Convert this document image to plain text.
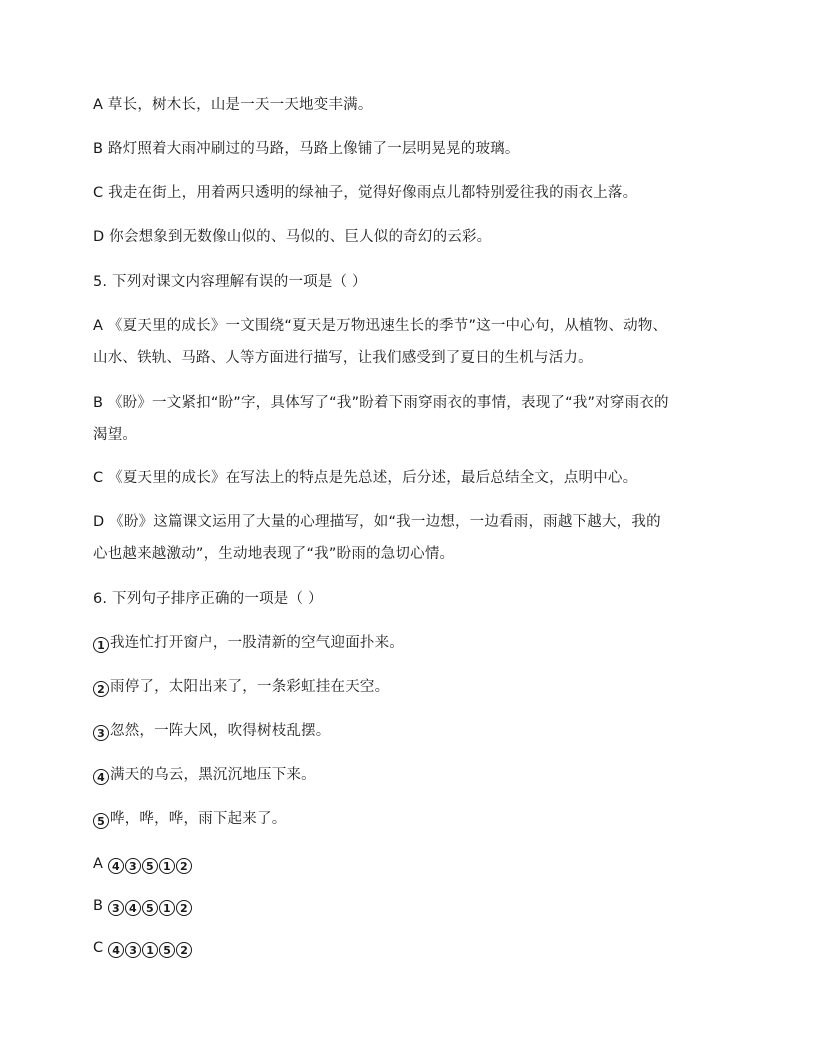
A 草长，树木长，山是一天一天地变丰满。
B 路灯照着大雨冲刷过的马路，马路上像铺了一层明晃晃的玻璃。
C 我走在街上，用着两只透明的绿袖子，觉得好像雨点儿都特别爱往我的雨衣上落。
D 你会想象到无数像山似的、马似的、巨人似的奇幻的云彩。
5. 下列对课文内容理解有误的一项是（ ）
A 《夏天里的成长》一文围绕“夏天是万物迅速生长的季节”这一中心句，从植物、动物、
山水、铁轨、马路、人等方面进行描写，让我们感受到了夏日的生机与活力。
B 《盼》一文紧扣“盼”字，具体写了“我”盼着下雨穿雨衣的事情，表现了“我”对穿雨衣的
渴望。
C 《夏天里的成长》在写法上的特点是先总述，后分述，最后总结全文，点明中心。
D 《盼》这篇课文运用了大量的心理描写，如“我一边想，一边看雨，雨越下越大，我的
心也越来越激动”，生动地表现了“我”盼雨的急切心情。
6. 下列句子排序正确的一项是（ ）
1 我连忙打开窗户，一股清新的空气迎面扑来。
2 雨停了，太阳出来了，一条彩虹挂在天空。
3 忽然，一阵大风，吹得树枝乱摆。
4 满天的乌云，黑沉沉地压下来。
5 哗，哗，哗，雨下起来了。
A 4 3 5 1 2
B 3 4 5 1 2
C 4 3 1 5 2
